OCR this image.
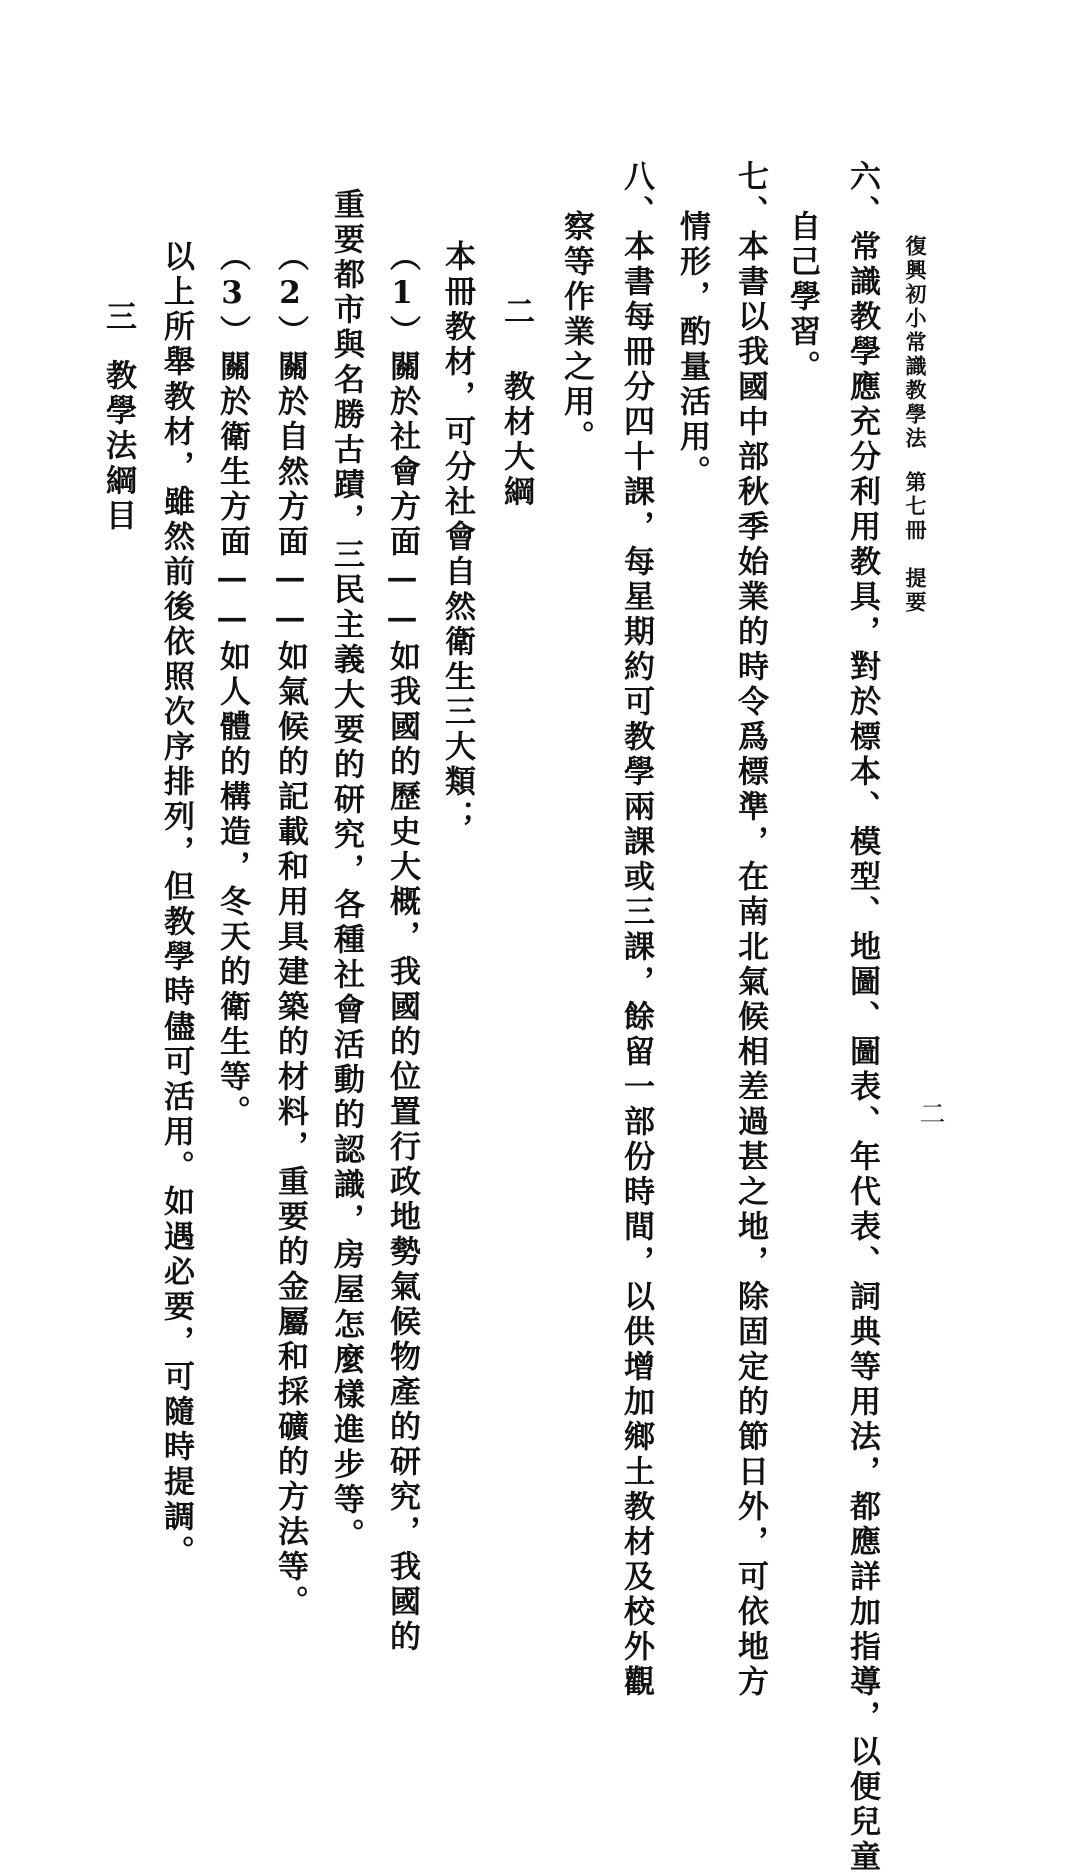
復興初小常識教學法第七冊提要
二
六、常識教學應充分利用教具，對於標本、模型、地圖、圖表、年代表、詞典等用法，都應詳加指導，以便兒童
自己學習。
七、本書以我國中部秋季始業的時令爲標準，在南北氣候相差過甚之地，除固定的節日外，可依地方
情形，酌量活用。
八、本書每冊分四十課，每星期約可教學兩課或三課，餘留一部份時間，以供增加鄉土教材及校外觀
察等作業之用。
二教材大綱
本冊教材，可分社會自然衛生三大類；
（1）關於社會方面——如我國的歷史大概，我國的位置行政地勢氣候物產的研究，我國的
重要都市與名勝古蹟，三民主義大要的研究，各種社會活動的認識，房屋怎麼樣進步等。
（2）關於自然方面——如氣候的記載和用具建築的材料，重要的金屬和採礦的方法等。
（3）關於衛生方面——如人體的構造，冬天的衛生等。
以上所舉教材，雖然前後依照次序排列，但教學時儘可活用。如遇必要，可隨時提調。
三教學法綱目
